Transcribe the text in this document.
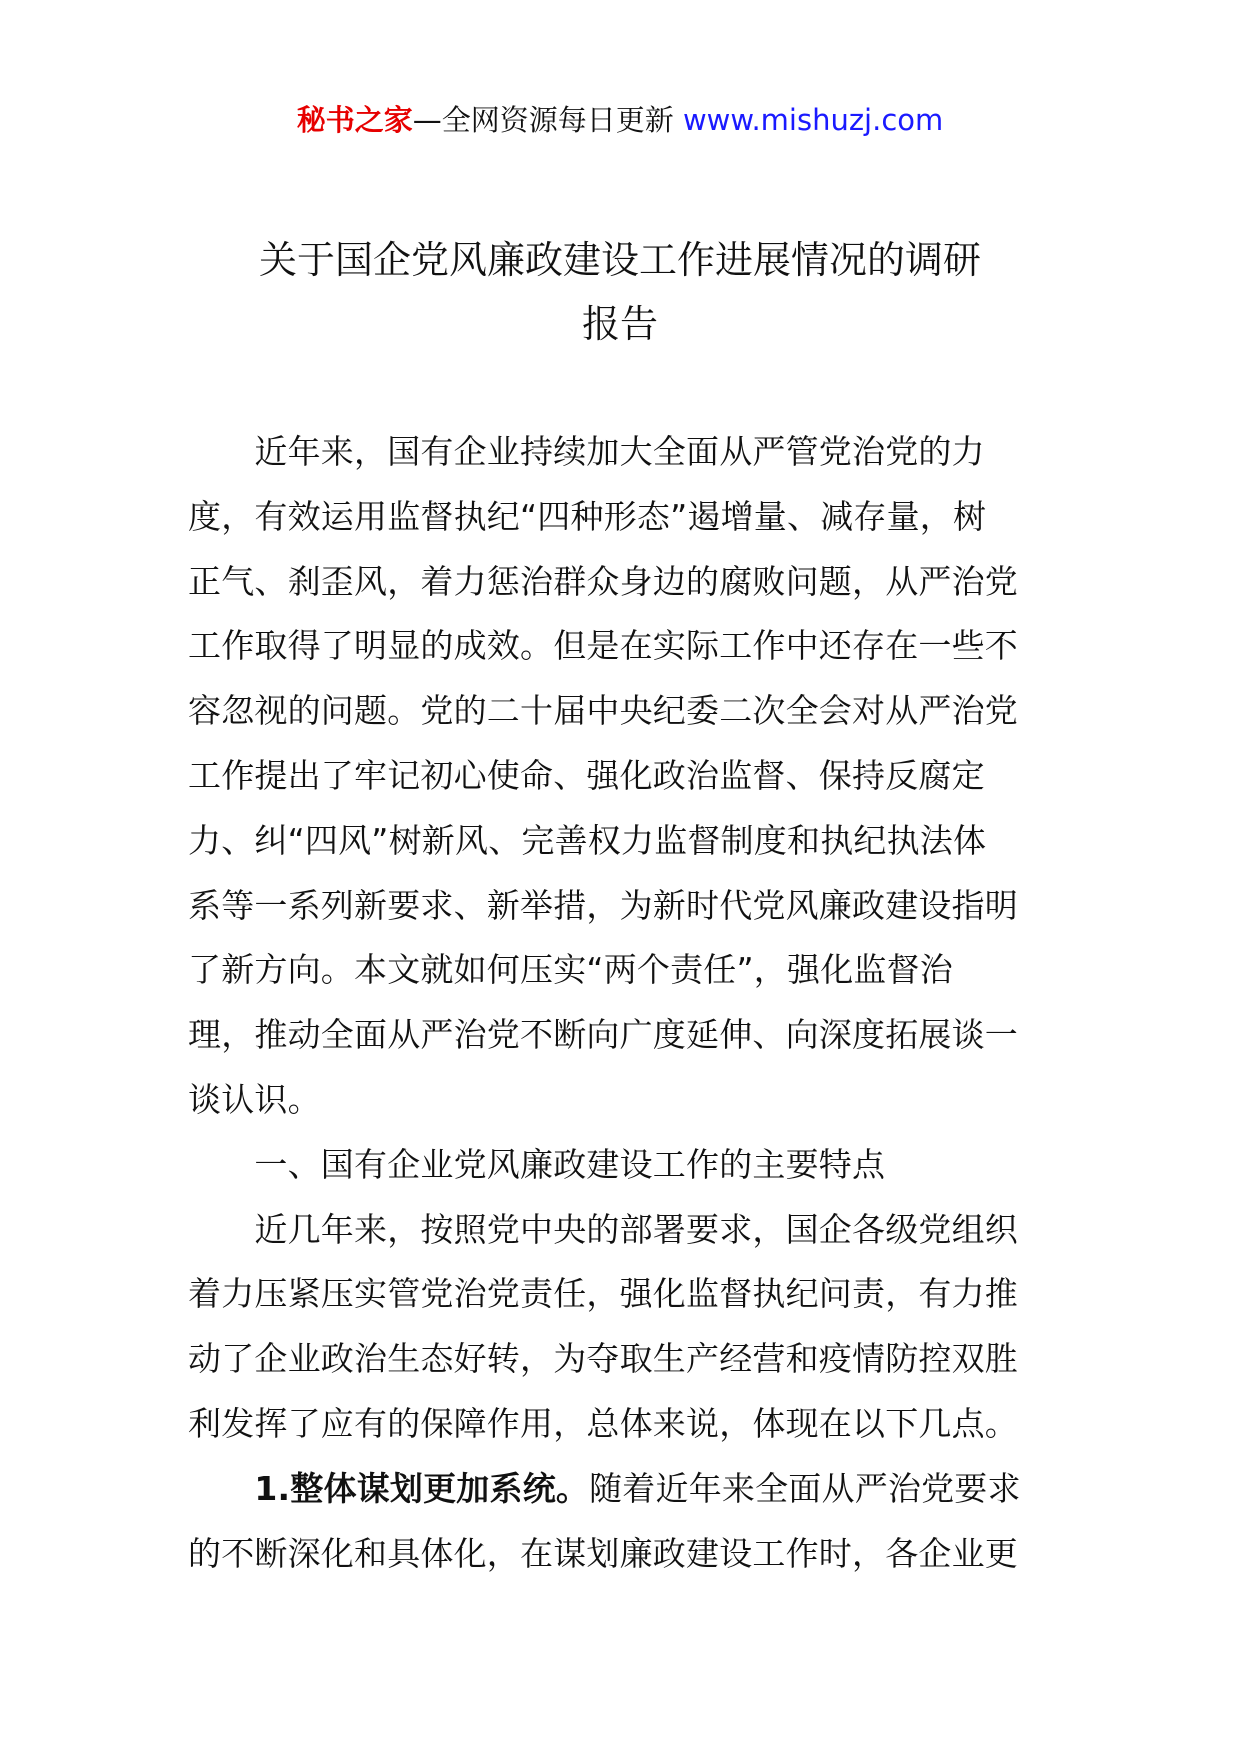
秘书之家—全网资源每日更新 www.mishuzj.com
关于国企党风廉政建设工作进展情况的调研
报告
　　近年来，国有企业持续加大全面从严管党治党的力
度，有效运用监督执纪“四种形态”遏增量、减存量，树
正气、刹歪风，着力惩治群众身边的腐败问题，从严治党
工作取得了明显的成效。但是在实际工作中还存在一些不
容忽视的问题。党的二十届中央纪委二次全会对从严治党
工作提出了牢记初心使命、强化政治监督、保持反腐定
力、纠“四风”树新风、完善权力监督制度和执纪执法体
系等一系列新要求、新举措，为新时代党风廉政建设指明
了新方向。本文就如何压实“两个责任”，强化监督治
理，推动全面从严治党不断向广度延伸、向深度拓展谈一
谈认识。
　　一、国有企业党风廉政建设工作的主要特点
　　近几年来，按照党中央的部署要求，国企各级党组织
着力压紧压实管党治党责任，强化监督执纪问责，有力推
动了企业政治生态好转，为夺取生产经营和疫情防控双胜
利发挥了应有的保障作用，总体来说，体现在以下几点。
　　1.整体谋划更加系统。随着近年来全面从严治党要求
的不断深化和具体化，在谋划廉政建设工作时，各企业更
